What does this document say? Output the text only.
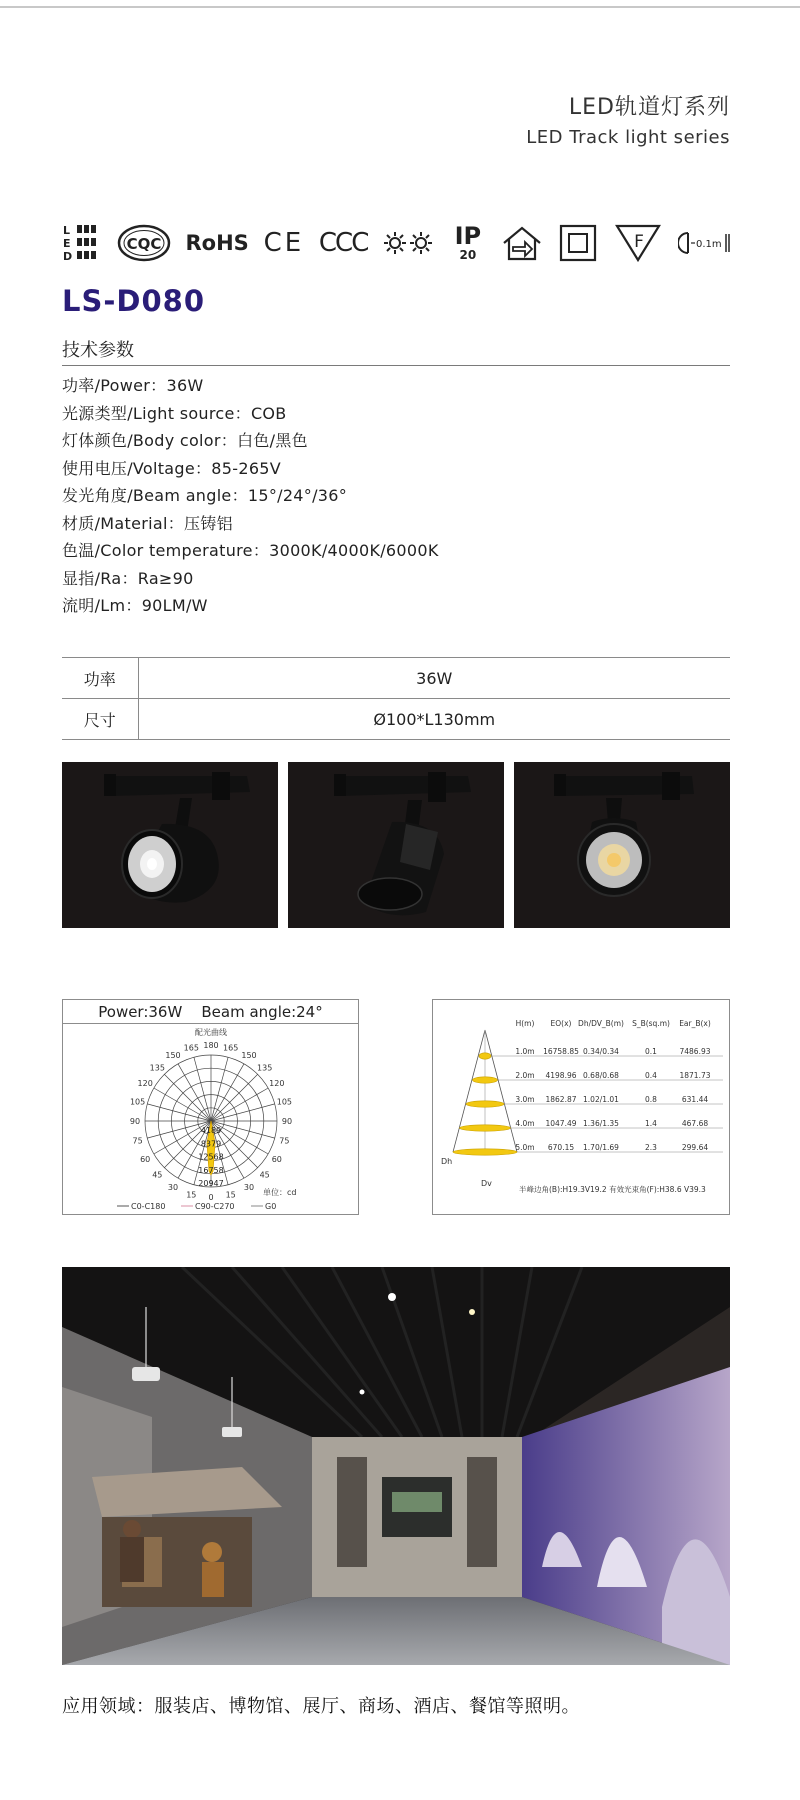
LED轨道灯系列
LED Track light series
L
E
D
CQC RoHS CE CCC	IP
20
F	0.1m
LS-D080
技术参数
功率/Power：36W
光源类型/Light source：COB
灯体颜色/Body color：白色/黑色
使用电压/Voltage：85-265V
发光角度/Beam angle：15°/24°/36°
材质/Material：压铸铝
色温/Color temperature：3000K/4000K/6000K
显指/Ra：Ra≥90
流明/Lm：90LM/W
功率	36W
尺寸	Ø100*L130mm
Power:36W    Beam angle:24°
配光曲线
180
165	165
150	150
135	135
120	120
105	105
90	90
75	75
60	60
45	45
30	30
15	15
0
4189
8379
12568
16758
20947
单位：cd
C0-C180	C90-C270	G0
H(m) EO(x) Dh/DV_B(m) S_B(sq.m) Ear_B(x)
1.0m 16758.85 0.34/0.34	0.1	7486.93
2.0m 4198.96 0.68/0.68	0.4	1871.73
3.0m 1862.87 1.02/1.01	0.8	631.44
4.0m 1047.49 1.36/1.35	1.4	467.68
5.0m 670.15 1.70/1.69	2.3	299.64
Dh
Dv
半峰边角(B):H19.3V19.2 有效光束角(F):H38.6 V39.3
应用领域：服装店、博物馆、展厅、商场、酒店、餐馆等照明。
